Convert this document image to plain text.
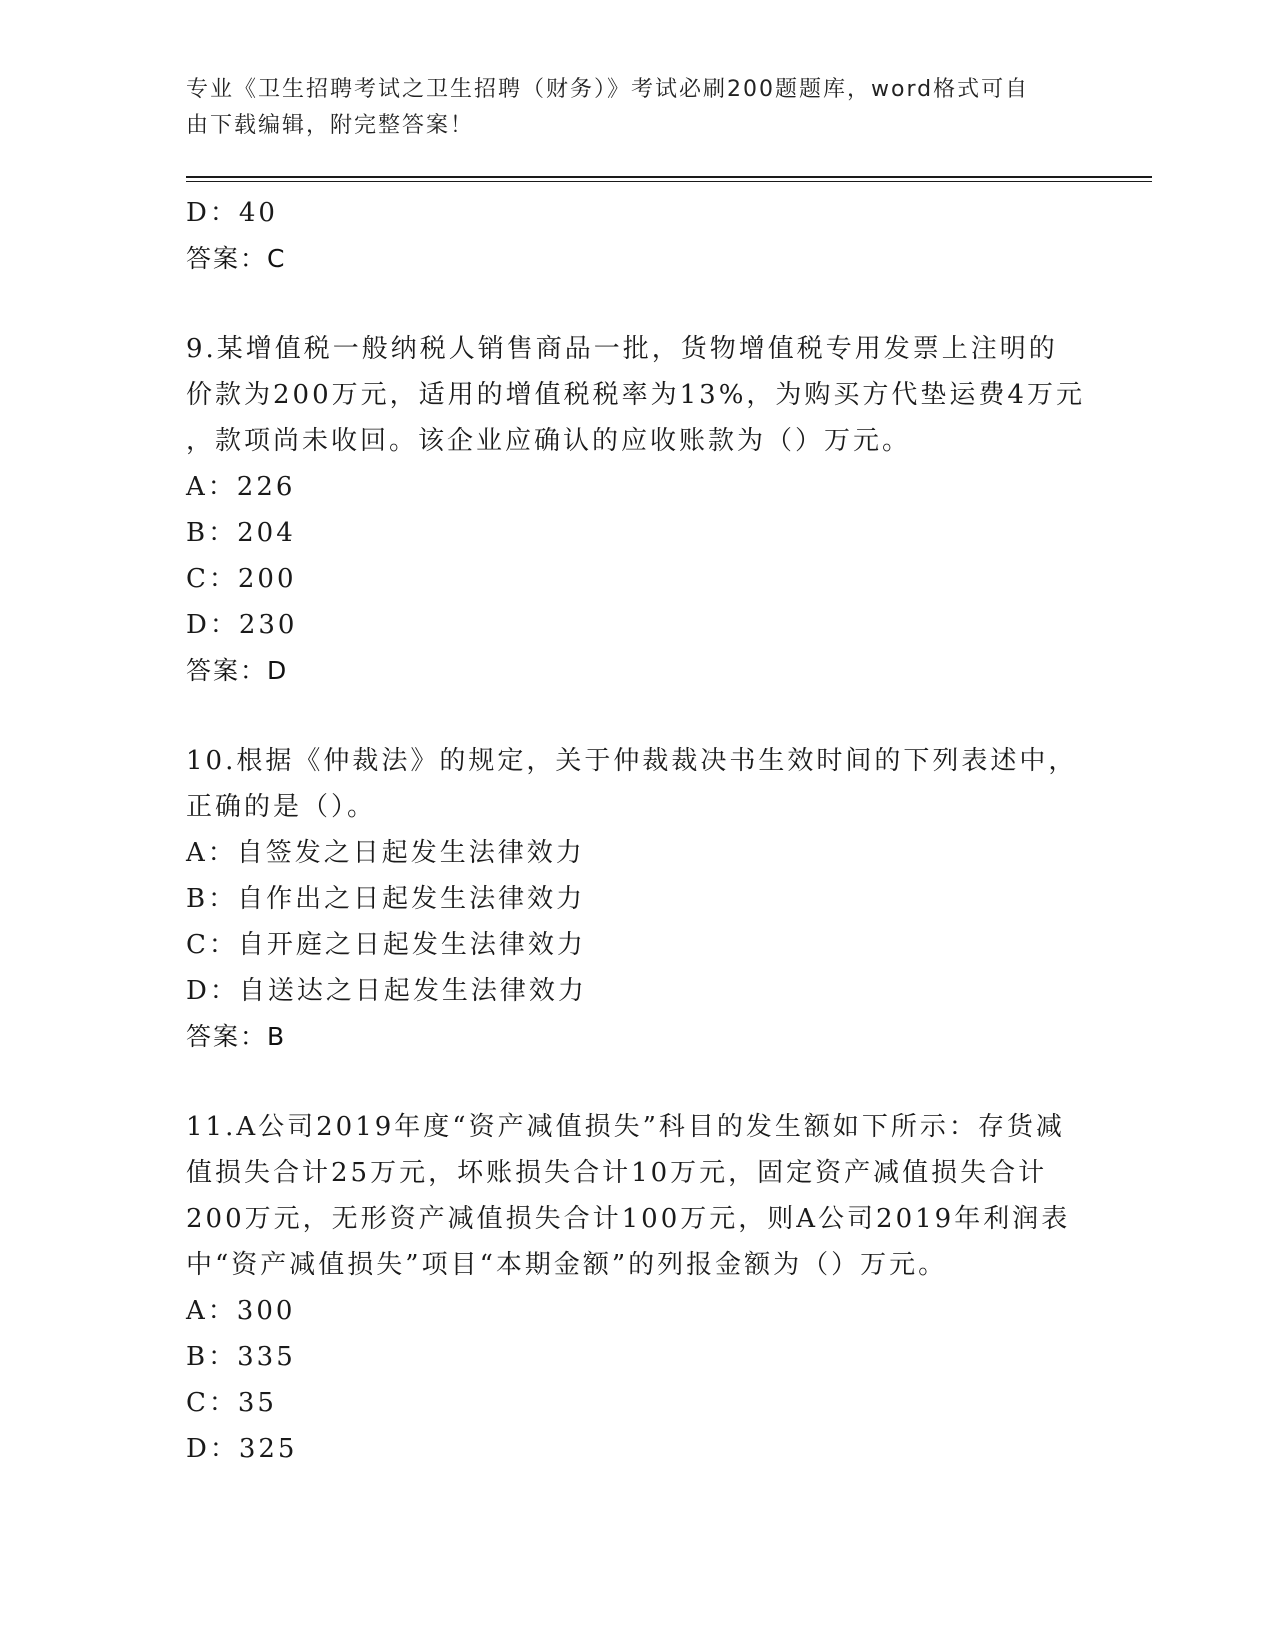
专业《卫生招聘考试之卫生招聘（财务）》考试必刷200题题库，word格式可自
由下载编辑，附完整答案！
D：40
答案：C
9.某增值税一般纳税人销售商品一批，货物增值税专用发票上注明的
价款为200万元，适用的增值税税率为13%，为购买方代垫运费4万元
，款项尚未收回。该企业应确认的应收账款为（）万元。
A：226
B：204
C：200
D：230
答案：D
10.根据《仲裁法》的规定，关于仲裁裁决书生效时间的下列表述中，
正确的是（）。
A：自签发之日起发生法律效力
B：自作出之日起发生法律效力
C：自开庭之日起发生法律效力
D：自送达之日起发生法律效力
答案：B
11.A公司2019年度“资产减值损失”科目的发生额如下所示：存货减
值损失合计25万元，坏账损失合计10万元，固定资产减值损失合计
200万元，无形资产减值损失合计100万元，则A公司2019年利润表
中“资产减值损失”项目“本期金额”的列报金额为（）万元。
A：300
B：335
C：35
D：325
